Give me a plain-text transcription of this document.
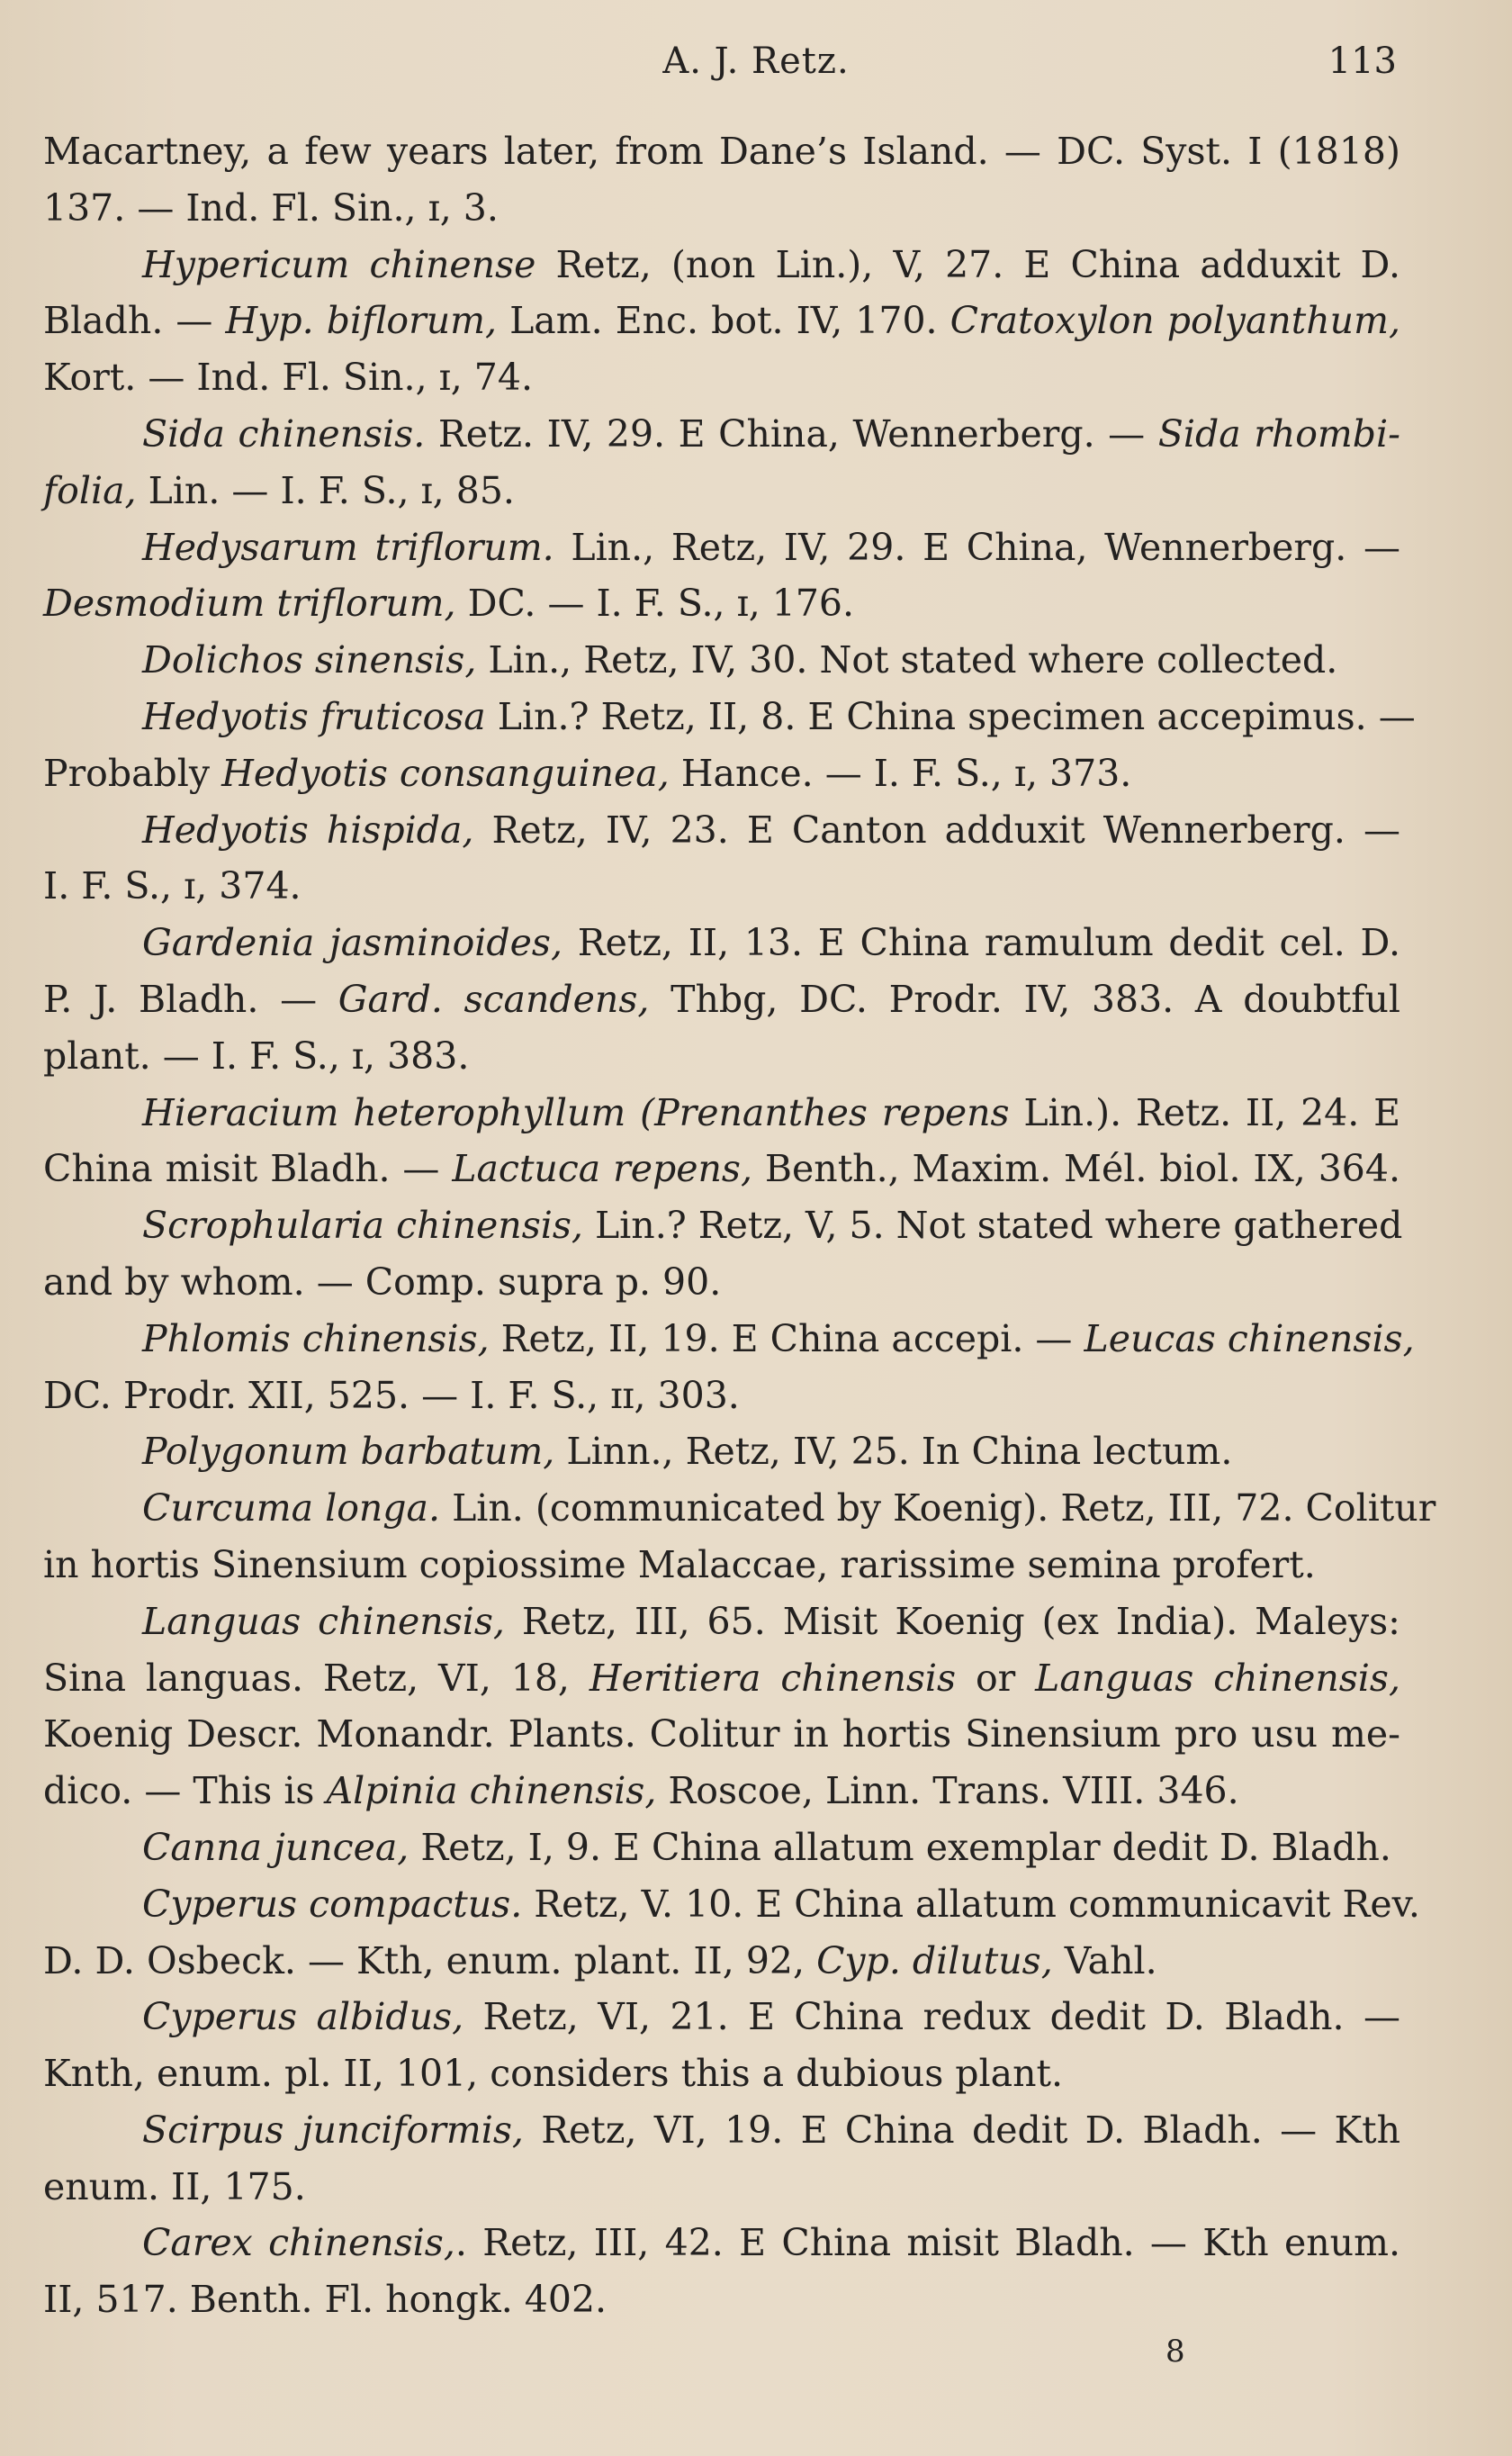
A. J. Retz.	113
Macartney, a few years later, from Dane’s Island. — DC. Syst. I (1818)
137. — Ind. Fl. Sin., ɪ, 3.
Hypericum chinense Retz, (non Lin.), V, 27. E China adduxit D.
Bladh. — Hyp. biflorum, Lam. Enc. bot. IV, 170. Cratoxylon polyanthum,
Kort. — Ind. Fl. Sin., ɪ, 74.
Sida chinensis. Retz. IV, 29. E China, Wennerberg. — Sida rhombi-
folia, Lin. — I. F. S., ɪ, 85.
Hedysarum triflorum. Lin., Retz, IV, 29. E China, Wennerberg. —
Desmodium triflorum, DC. — I. F. S., ɪ, 176.
Dolichos sinensis, Lin., Retz, IV, 30. Not stated where collected.
Hedyotis fruticosa Lin.? Retz, II, 8. E China specimen accepimus. —
Probably Hedyotis consanguinea, Hance. — I. F. S., ɪ, 373.
Hedyotis hispida, Retz, IV, 23. E Canton adduxit Wennerberg. —
I. F. S., ɪ, 374.
Gardenia jasminoides, Retz, II, 13. E China ramulum dedit cel. D.
P. J. Bladh. — Gard. scandens, Thbg, DC. Prodr. IV, 383. A doubtful
plant. — I. F. S., ɪ, 383.
Hieracium heterophyllum (Prenanthes repens Lin.). Retz. II, 24. E
China misit Bladh. — Lactuca repens, Benth., Maxim. Mél. biol. IX, 364.
Scrophularia chinensis, Lin.? Retz, V, 5. Not stated where gathered
and by whom. — Comp. supra p. 90.
Phlomis chinensis, Retz, II, 19. E China accepi. — Leucas chinensis,
DC. Prodr. XII, 525. — I. F. S., ɪɪ, 303.
Polygonum barbatum, Linn., Retz, IV, 25. In China lectum.
Curcuma longa. Lin. (communicated by Koenig). Retz, III, 72. Colitur
in hortis Sinensium copiossime Malaccae, rarissime semina profert.
Languas chinensis, Retz, III, 65. Misit Koenig (ex India). Maleys:
Sina languas. Retz, VI, 18, Heritiera chinensis or Languas chinensis,
Koenig Descr. Monandr. Plants. Colitur in hortis Sinensium pro usu me-
dico. — This is Alpinia chinensis, Roscoe, Linn. Trans. VIII. 346.
Canna juncea, Retz, I, 9. E China allatum exemplar dedit D. Bladh.
Cyperus compactus. Retz, V. 10. E China allatum communicavit Rev.
D. D. Osbeck. — Kth, enum. plant. II, 92, Cyp. dilutus, Vahl.
Cyperus albidus, Retz, VI, 21. E China redux dedit D. Bladh. —
Knth, enum. pl. II, 101, considers this a dubious plant.
Scirpus junciformis, Retz, VI, 19. E China dedit D. Bladh. — Kth
enum. II, 175.
Carex chinensis,. Retz, III, 42. E China misit Bladh. — Kth enum.
II, 517. Benth. Fl. hongk. 402.
8
